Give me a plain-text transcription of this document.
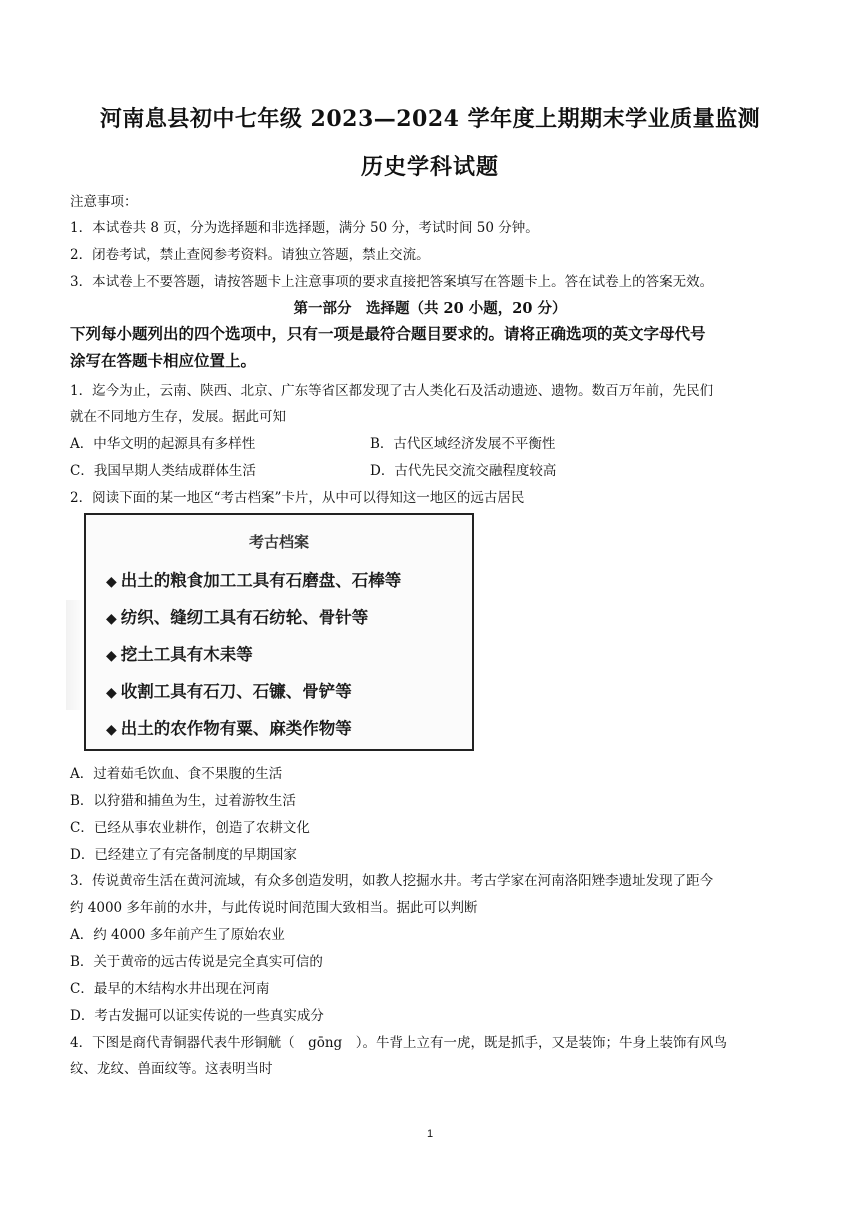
河南息县初中七年级 2023—2024 学年度上期期末学业质量监测
历史学科试题
注意事项：
1．本试卷共 8 页，分为选择题和非选择题，满分 50 分，考试时间 50 分钟。
2．闭卷考试，禁止查阅参考资料。请独立答题，禁止交流。
3．本试卷上不要答题，请按答题卡上注意事项的要求直接把答案填写在答题卡上。答在试卷上的答案无效。
第一部分　选择题（共 20 小题，20 分）
下列每小题列出的四个选项中，只有一项是最符合题目要求的。请将正确选项的英文字母代号
涂写在答题卡相应位置上。
1．迄今为止，云南、陕西、北京、广东等省区都发现了古人类化石及活动遗迹、遗物。数百万年前，先民们
就在不同地方生存，发展。据此可知
A．中华文明的起源具有多样性	B．古代区域经济发展不平衡性
C．我国早期人类结成群体生活	D．古代先民交流交融程度较高
2．阅读下面的某一地区“考古档案”卡片，从中可以得知这一地区的远古居民
考古档案
◆ 出土的粮食加工工具有石磨盘、石棒等
◆ 纺织、缝纫工具有石纺轮、骨针等
◆ 挖土工具有木耒等
◆ 收割工具有石刀、石镰、骨铲等
◆ 出土的农作物有粟、麻类作物等
A．过着茹毛饮血、食不果腹的生活
B．以狩猎和捕鱼为生，过着游牧生活
C．已经从事农业耕作，创造了农耕文化
D．已经建立了有完备制度的早期国家
3．传说黄帝生活在黄河流域，有众多创造发明，如教人挖掘水井。考古学家在河南洛阳矬李遗址发现了距今
约 4000 多年前的水井，与此传说时间范围大致相当。据此可以判断
A．约 4000 多年前产生了原始农业
B．关于黄帝的远古传说是完全真实可信的
C．最早的木结构水井出现在河南
D．考古发掘可以证实传说的一些真实成分
4．下图是商代青铜器代表牛形铜觥（　gōng　）。牛背上立有一虎，既是抓手，又是装饰；牛身上装饰有风鸟
纹、龙纹、兽面纹等。这表明当时
1
